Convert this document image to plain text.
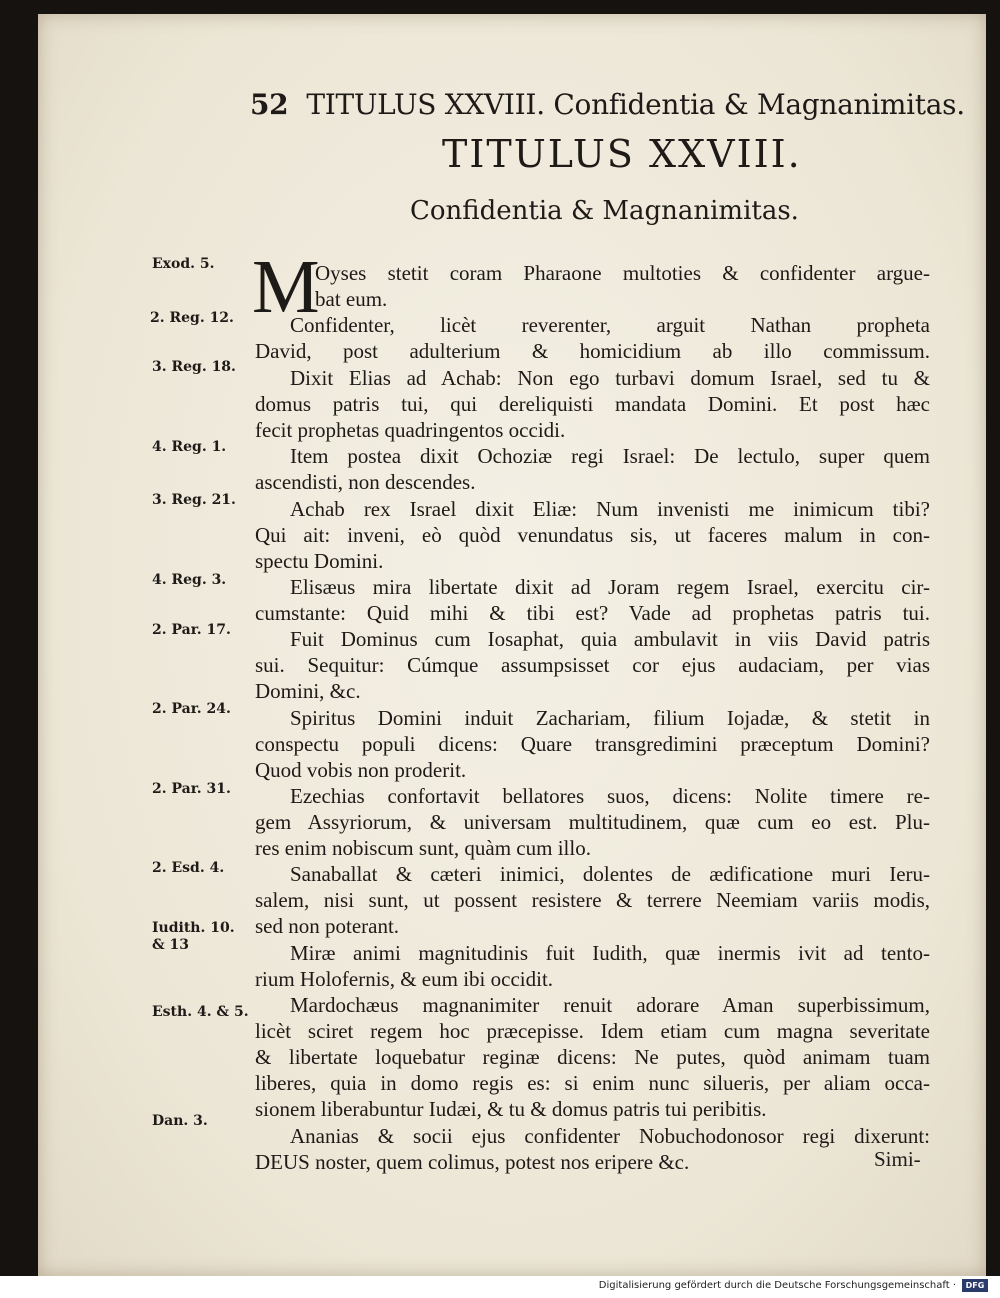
52 TITULUS XXVIII. Confidentia & Magnanimitas.
TITULUS XXVIII.
Confidentia & Magnanimitas.
Exod. 5.
2. Reg. 12.
3. Reg. 18.
4. Reg. 1.
3. Reg. 21.
4. Reg. 3.
2. Par. 17.
2. Par. 24.
2. Par. 31.
2. Esd. 4.
Iudith. 10.
& 13
Esth. 4. & 5.
Dan. 3.
M
Oyses stetit coram Pharaone multoties & confidenter argue-
bat eum.
Confidenter, licèt reverenter, arguit Nathan propheta
David, post adulterium & homicidium ab illo commissum.
Dixit Elias ad Achab: Non ego turbavi domum Israel, sed tu &
domus patris tui, qui dereliquisti mandata Domini. Et post hæc
fecit prophetas quadringentos occidi.
Item postea dixit Ochoziæ regi Israel: De lectulo, super quem
ascendisti, non descendes.
Achab rex Israel dixit Eliæ: Num invenisti me inimicum tibi?
Qui ait: inveni, eò quòd venundatus sis, ut faceres malum in con-
spectu Domini.
Elisæus mira libertate dixit ad Joram regem Israel, exercitu cir-
cumstante: Quid mihi & tibi est? Vade ad prophetas patris tui.
Fuit Dominus cum Iosaphat, quia ambulavit in viis David patris
sui. Sequitur: Cúmque assumpsisset cor ejus audaciam, per vias
Domini, &c.
Spiritus Domini induit Zachariam, filium Iojadæ, & stetit in
conspectu populi dicens: Quare transgredimini præceptum Domini?
Quod vobis non proderit.
Ezechias confortavit bellatores suos, dicens: Nolite timere re-
gem Assyriorum, & universam multitudinem, quæ cum eo est. Plu-
res enim nobiscum sunt, quàm cum illo.
Sanaballat & cæteri inimici, dolentes de ædificatione muri Ieru-
salem, nisi sunt, ut possent resistere & terrere Neemiam variis modis,
sed non poterant.
Miræ animi magnitudinis fuit Iudith, quæ inermis ivit ad tento-
rium Holofernis, & eum ibi occidit.
Mardochæus magnanimiter renuit adorare Aman superbissimum,
licèt sciret regem hoc præcepisse. Idem etiam cum magna severitate
& libertate loquebatur reginæ dicens: Ne putes, quòd animam tuam
liberes, quia in domo regis es: si enim nunc silueris, per aliam occa-
sionem liberabuntur Iudæi, & tu & domus patris tui peribitis.
Ananias & socii ejus confidenter Nobuchodonosor regi dixerunt:
DEUS noster, quem colimus, potest nos eripere &c.	Simi-
Digitalisierung gefördert durch die Deutsche Forschungsgemeinschaft ·	DFG
